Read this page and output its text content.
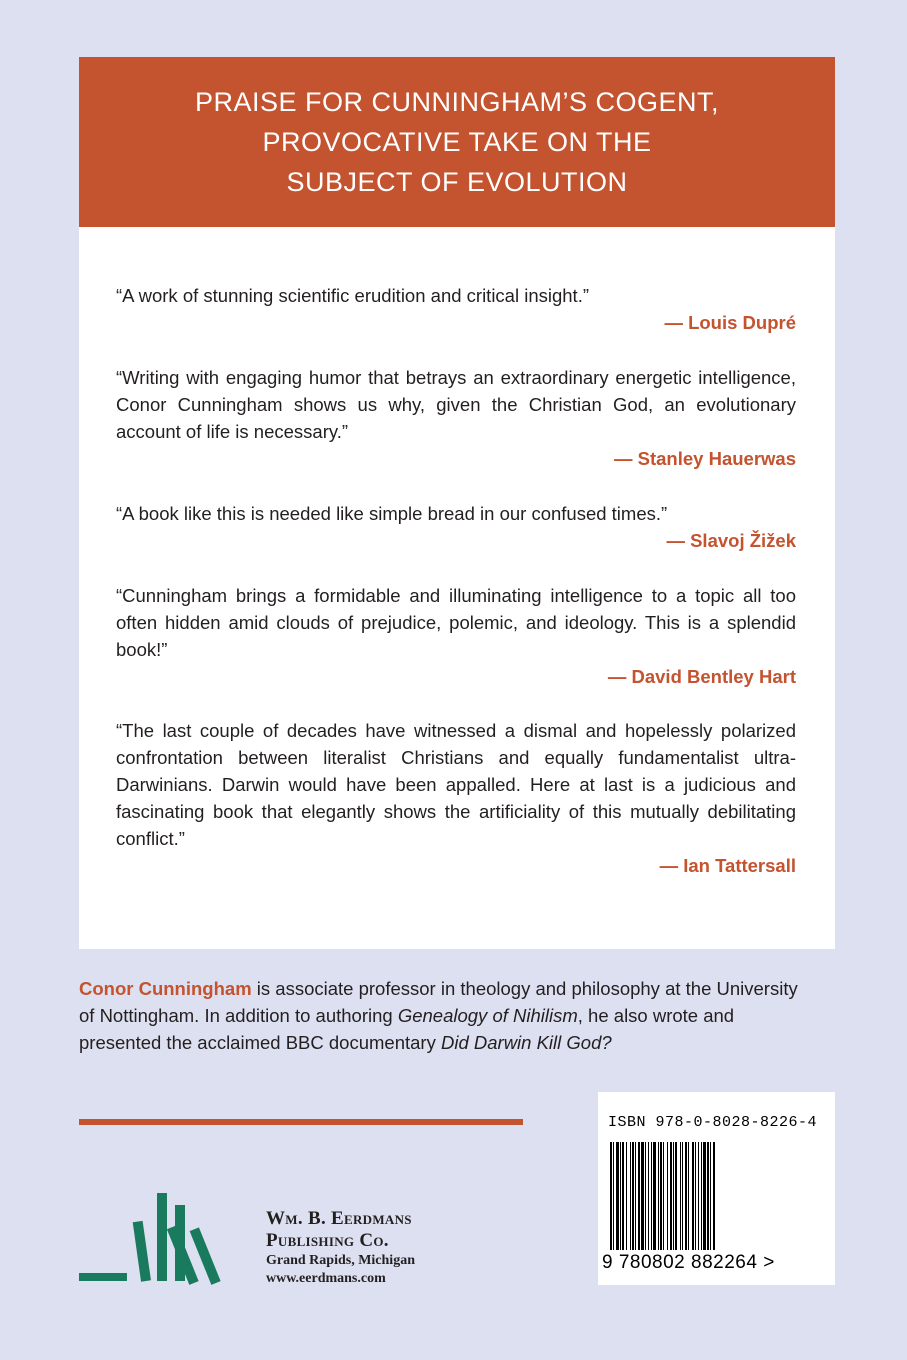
PRAISE FOR CUNNINGHAM’S COGENT,
PROVOCATIVE TAKE ON THE
SUBJECT OF EVOLUTION
“A work of stunning scientific erudition and critical insight.”
— Louis Dupré
“Writing with engaging humor that betrays an extraordinary energetic intelligence, Conor Cunningham shows us why, given the Christian God, an evolutionary account of life is necessary.”
— Stanley Hauerwas
“A book like this is needed like simple bread in our confused times.”
— Slavoj Žižek
“Cunningham brings a formidable and illuminating intelligence to a topic all too often hidden amid clouds of prejudice, polemic, and ideology. This is a splendid book!”
— David Bentley Hart
“The last couple of decades have witnessed a dismal and hopelessly polarized confrontation between literalist Christians and equally fundamentalist ultra-Darwinians. Darwin would have been appalled. Here at last is a judicious and fascinating book that elegantly shows the artificiality of this mutually debilitating conflict.”
— Ian Tattersall

Conor Cunningham is associate professor in theology and philosophy at the University of Nottingham. In addition to authoring Genealogy of Nihilism, he also wrote and presented the acclaimed BBC documentary Did Darwin Kill God?

Wm. B. Eerdmans
Publishing Co.
Grand Rapids, Michigan
www.eerdmans.com
ISBN 978-0-8028-8226-4
9 780802 882264 >
